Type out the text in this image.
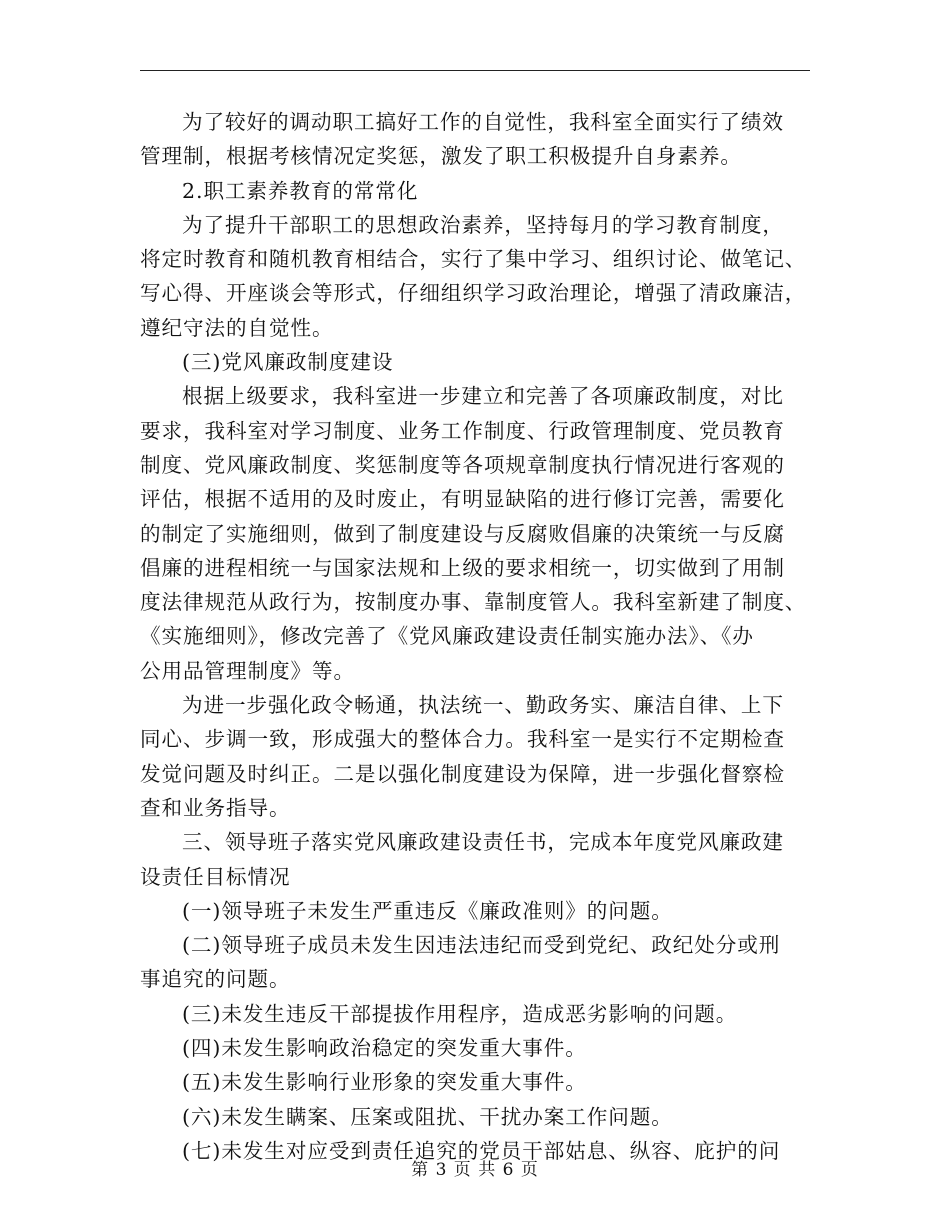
为了较好的调动职工搞好工作的自觉性，我科室全面实行了绩效
管理制，根据考核情况定奖惩，激发了职工积极提升自身素养。
2.职工素养教育的常常化
为了提升干部职工的思想政治素养，坚持每月的学习教育制度，
将定时教育和随机教育相结合，实行了集中学习、组织讨论、做笔记、
写心得、开座谈会等形式，仔细组织学习政治理论，增强了清政廉洁，
遵纪守法的自觉性。
(三)党风廉政制度建设
根据上级要求，我科室进一步建立和完善了各项廉政制度，对比
要求，我科室对学习制度、业务工作制度、行政管理制度、党员教育
制度、党风廉政制度、奖惩制度等各项规章制度执行情况进行客观的
评估，根据不适用的及时废止，有明显缺陷的进行修订完善，需要化
的制定了实施细则，做到了制度建设与反腐败倡廉的决策统一与反腐
倡廉的进程相统一与国家法规和上级的要求相统一，切实做到了用制
度法律规范从政行为，按制度办事、靠制度管人。我科室新建了制度、
《实施细则》，修改完善了《党风廉政建设责任制实施办法》、《办
公用品管理制度》等。
为进一步强化政令畅通，执法统一、勤政务实、廉洁自律、上下
同心、步调一致，形成强大的整体合力。我科室一是实行不定期检查
发觉问题及时纠正。二是以强化制度建设为保障，进一步强化督察检
查和业务指导。
三、领导班子落实党风廉政建设责任书，完成本年度党风廉政建
设责任目标情况
(一)领导班子未发生严重违反《廉政准则》的问题。
(二)领导班子成员未发生因违法违纪而受到党纪、政纪处分或刑
事追究的问题。
(三)未发生违反干部提拔作用程序，造成恶劣影响的问题。
(四)未发生影响政治稳定的突发重大事件。
(五)未发生影响行业形象的突发重大事件。
(六)未发生瞒案、压案或阻扰、干扰办案工作问题。
(七)未发生对应受到责任追究的党员干部姑息、纵容、庇护的问
第 3 页 共 6 页
